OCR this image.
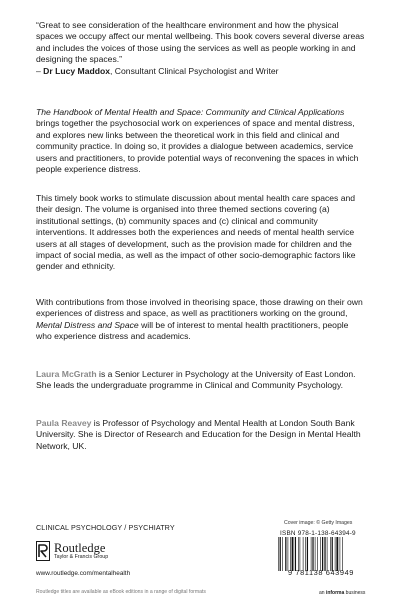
“Great to see consideration of the healthcare environment and how the physical spaces we occupy affect our mental wellbeing. This book covers several diverse areas and includes the voices of those using the services as well as people working in and designing the spaces.”

– Dr Lucy Maddox, Consultant Clinical Psychologist and Writer

The Handbook of Mental Health and Space: Community and Clinical Applications brings together the psychosocial work on experiences of space and mental distress, and explores new links between the theoretical work in this field and clinical and community practice. In doing so, it provides a dialogue between academics, service users and practitioners, to provide potential ways of reconvening the spaces in which people experience distress.

This timely book works to stimulate discussion about mental health care spaces and their design. The volume is organised into three themed sections covering (a) institutional settings, (b) community spaces and (c) clinical and community interventions. It addresses both the experiences and needs of mental health service users at all stages of development, such as the provision made for children and the impact of social media, as well as the impact of other socio-demographic factors like gender and ethnicity.

With contributions from those involved in theorising space, those drawing on their own experiences of distress and space, as well as practitioners working on the ground, Mental Distress and Space will be of interest to mental health practitioners, people who experience distress and academics.

Laura McGrath is a Senior Lecturer in Psychology at the University of East London. She leads the undergraduate programme in Clinical and Community Psychology.

Paula Reavey is Professor of Psychology and Mental Health at London South Bank University. She is Director of Research and Education for the Design in Mental Health Network, UK.

CLINICAL PSYCHOLOGY / PSYCHIATRY	Cover image: © Getty Images
Routledge
Taylor & Francis Group
www.routledge.com/mentalhealth
Routledge titles are available as eBook editions in a range of digital formats
ISBN 978-1-138-64394-9
9 781138 643949
an informa business
